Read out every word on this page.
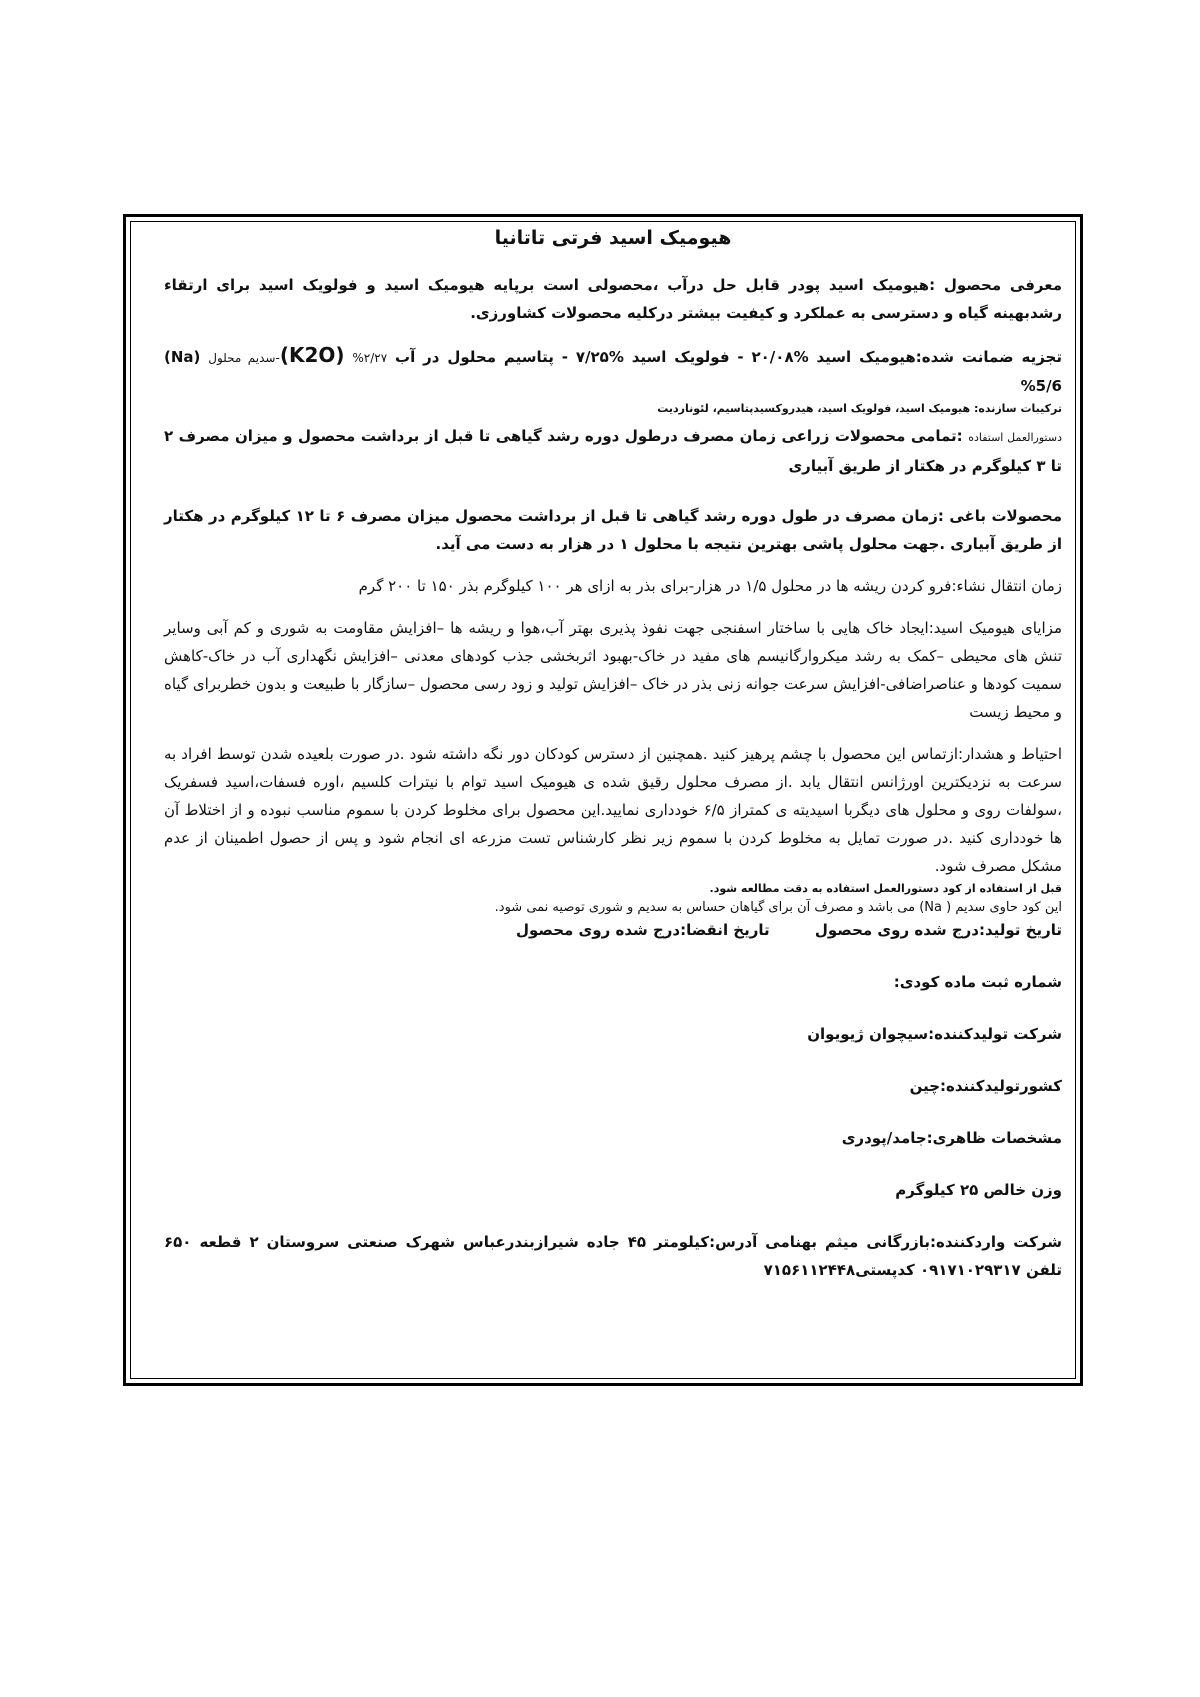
هیومیک اسید فرتی تاتانیا

معرفی محصول :هیومیک اسید پودر قابل حل درآب ،محصولی است برپایه هیومیک اسید و فولویک اسید برای ارتقاء رشدبهینه گیاه و دسترسی به عملکرد و کیفیت بیشتر درکلیه محصولات کشاورزی.

تجزیه ضمانت شده:هیومیک اسید %۲۰/۰۸ - فولویک اسید %۷/۲۵ - پتاسیم محلول در آب (K2O) %۲/۲۷-سدیم محلول (Na) %5/6

ترکیبات سازنده: هیومیک اسید، فولویک اسید، هیدروکسیدپتاسیم، لئوناردیت

دستورالعمل استفاده :تمامی محصولات زراعی زمان مصرف درطول دوره رشد گیاهی تا قبل از برداشت محصول و میزان مصرف ۲ تا ۳ کیلوگرم در هکتار از طریق آبیاری

محصولات باغی :زمان مصرف در طول دوره رشد گیاهی تا قبل از برداشت محصول میزان مصرف ۶ تا ۱۲ کیلوگرم در هکتار از طریق آبیاری .جهت محلول پاشی بهترین نتیجه با محلول ۱ در هزار به دست می آید.

زمان انتقال نشاء:فرو کردن ریشه ها در محلول ۱/۵ در هزار-برای بذر به ازای هر ۱۰۰ کیلوگرم بذر ۱۵۰ تا ۲۰۰ گرم

مزایای هیومیک اسید:ایجاد خاک هایی با ساختار اسفنجی جهت نفوذ پذیری بهتر آب،هوا و ریشه ها –افزایش مقاومت به شوری و کم آبی وسایر تنش های محیطی –کمک به رشد میکروارگانیسم های مفید در خاک-بهبود اثربخشی جذب کودهای معدنی –افزایش نگهداری آب در خاک-کاهش سمیت کودها و عناصراضافی-افزایش سرعت جوانه زنی بذر در خاک –افزایش تولید و زود رسی محصول –سازگار با طبیعت و بدون خطربرای گیاه و محیط زیست

احتیاط و هشدار:ازتماس این محصول با چشم پرهیز کنید .همچنین از دسترس کودکان دور نگه داشته شود .در صورت بلعیده شدن توسط افراد به سرعت به نزدیکترین اورژانس انتقال یابد .از مصرف محلول رقیق شده ی هیومیک اسید توام با نیترات کلسیم ،اوره فسفات،اسید فسفریک ،سولفات روی و محلول های دیگربا اسیدیته ی کمتراز ۶/۵ خودداری نمایید.این محصول برای مخلوط کردن با سموم مناسب نبوده و از اختلاط آن ها خودداری کنید .در صورت تمایل به مخلوط کردن با سموم زیر نظر کارشناس تست مزرعه ای انجام شود و پس از حصول اطمینان از عدم مشکل مصرف شود.

قبل از استفاده از کود دستورالعمل استفاده به دقت مطالعه شود.

این کود حاوی سدیم ( Na) می باشد و مصرف آن برای گیاهان حساس به سدیم و شوری توصیه نمی شود.

تاریخ تولید:درج شده روی محصول تاریخ انقضا:درج شده روی محصول
شماره ثبت ماده کودی:
شرکت تولیدکننده:سیچوان ژیویوان
کشورتولیدکننده:چین
مشخصات ظاهری:جامد/پودری
وزن خالص ۲۵ کیلوگرم
شرکت واردکننده:بازرگانی میثم بهنامی آدرس:کیلومتر ۴۵ جاده شیرازبندرعباس شهرک صنعتی سروستان ۲ قطعه ۶۵۰ تلفن ۰۹۱۷۱۰۲۹۳۱۷ کدپستی۷۱۵۶۱۱۲۴۴۸
